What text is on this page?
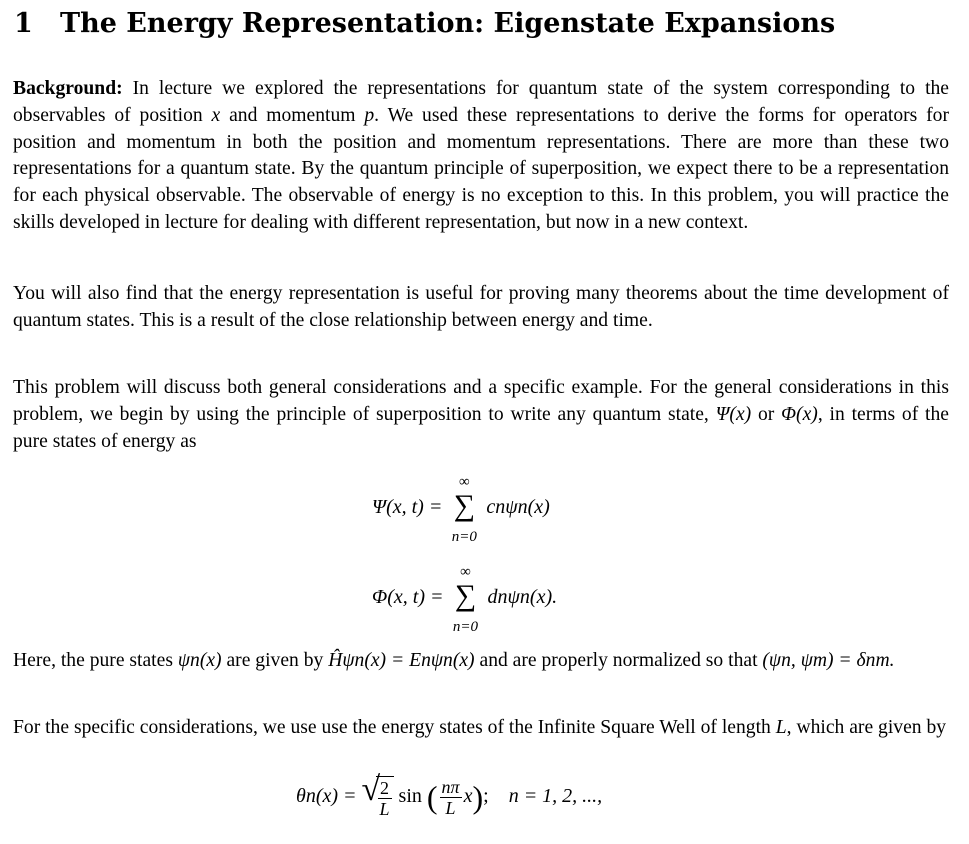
1 The Energy Representation: Eigenstate Expansions

Background: In lecture we explored the representations for quantum state of the system corresponding to the observables of position x and momentum p. We used these representations to derive the forms for operators for position and momentum in both the position and momentum representations. There are more than these two representations for a quantum state. By the quantum principle of superposition, we expect there to be a representation for each physical observable. The observable of energy is no exception to this. In this problem, you will practice the skills developed in lecture for dealing with different representation, but now in a new context.

You will also find that the energy representation is useful for proving many theorems about the time development of quantum states. This is a result of the close relationship between energy and time.

This problem will discuss both general considerations and a specific example. For the general considerations in this problem, we begin by using the principle of superposition to write any quantum state, Ψ(x) or Φ(x), in terms of the pure states of energy as

Ψ(x, t) =
∞
∑
n=0
cnψn(x)
Φ(x, t) =
∞
∑
n=0
dnψn(x).

Here, the pure states ψn(x) are given by Ĥψn(x) = Enψn(x) and are properly normalized so that (ψn, ψm) = δnm.

For the specific considerations, we use use the energy states of the Infinite Square Well of length L, which are given by

θn(x) = √
$\frac{2}{L}$ sin ( $\frac{n\pi}{L} x$);    n = 1, 2, ...,
